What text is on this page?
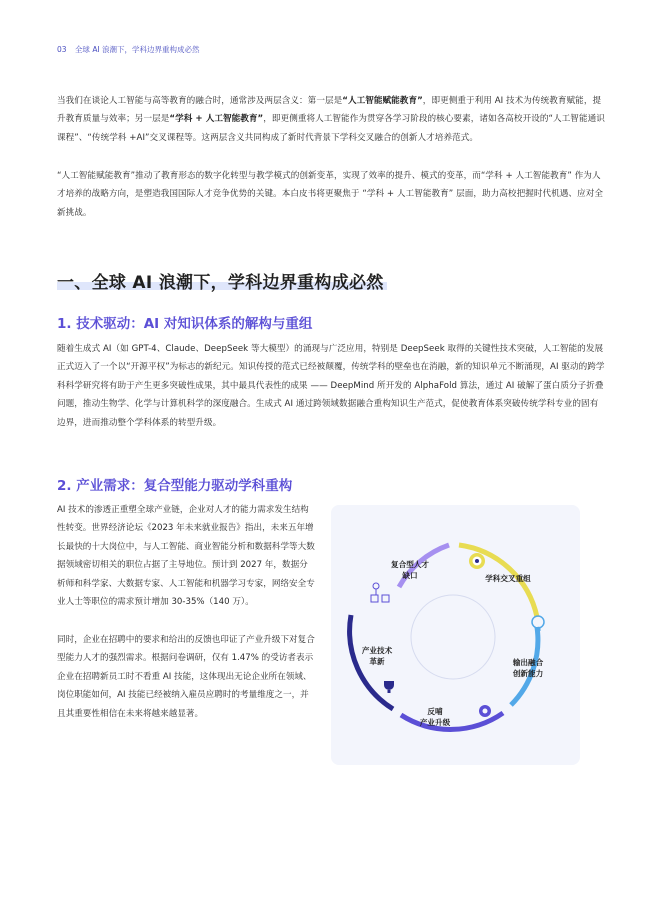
03 全球 AI 浪潮下，学科边界重构成必然
当我们在谈论人工智能与高等教育的融合时，通常涉及两层含义：第一层是“人工智能赋能教育”，即更侧重于利用 AI 技术为传统教育赋能，提升教育质量与效率；另一层是“学科 + 人工智能教育”，即更侧重将人工智能作为贯穿各学习阶段的核心要素，诸如各高校开设的“人工智能通识课程”、“传统学科 +AI”交叉课程等。这两层含义共同构成了新时代背景下学科交叉融合的创新人才培养范式。
“人工智能赋能教育”推动了教育形态的数字化转型与教学模式的创新变革，实现了效率的提升、模式的变革，而“学科 + 人工智能教育” 作为人才培养的战略方向，是塑造我国国际人才竞争优势的关键。本白皮书将更聚焦于 “学科 + 人工智能教育” 层面，助力高校把握时代机遇、应对全新挑战。
一、全球 AI 浪潮下，学科边界重构成必然
1. 技术驱动：AI 对知识体系的解构与重组
随着生成式 AI（如 GPT-4、Claude、DeepSeek 等大模型）的涌现与广泛应用，特别是 DeepSeek 取得的关键性技术突破，人工智能的发展正式迈入了一个以“开源平权”为标志的新纪元。知识传授的范式已经被颠覆，传统学科的壁垒也在消融，新的知识单元不断涌现，AI 驱动的跨学科科学研究将有助于产生更多突破性成果，其中最具代表性的成果 —— DeepMind 所开发的 AlphaFold 算法，通过 AI 破解了蛋白质分子折叠问题，推动生物学、化学与计算机科学的深度融合。生成式 AI 通过跨领域数据融合重构知识生产范式，促使教育体系突破传统学科专业的固有边界，进而推动整个学科体系的转型升级。
2. 产业需求：复合型能力驱动学科重构
AI 技术的渗透正重塑全球产业链，企业对人才的能力需求发生结构性转变。世界经济论坛《2023 年未来就业报告》指出，未来五年增长最快的十大岗位中，与人工智能、商业智能分析和数据科学等大数据领域密切相关的职位占据了主导地位。预计到 2027 年，数据分析师和科学家、大数据专家、人工智能和机器学习专家，网络安全专业人士等职位的需求预计增加 30-35%（140 万）。
同时，企业在招聘中的要求和给出的反馈也印证了产业升级下对复合型能力人才的强烈需求。根据问卷调研，仅有 1.47% 的受访者表示企业在招聘新员工时不看重 AI 技能，这体现出无论企业所在领域、岗位职能如何，AI 技能已经被纳入雇员应聘时的考量维度之一，并且其重要性相信在未来将越来越显著。
复合型人才
缺口	学科交叉重组
输出融合
创新能力
反哺
产业升级
产业技术
革新
